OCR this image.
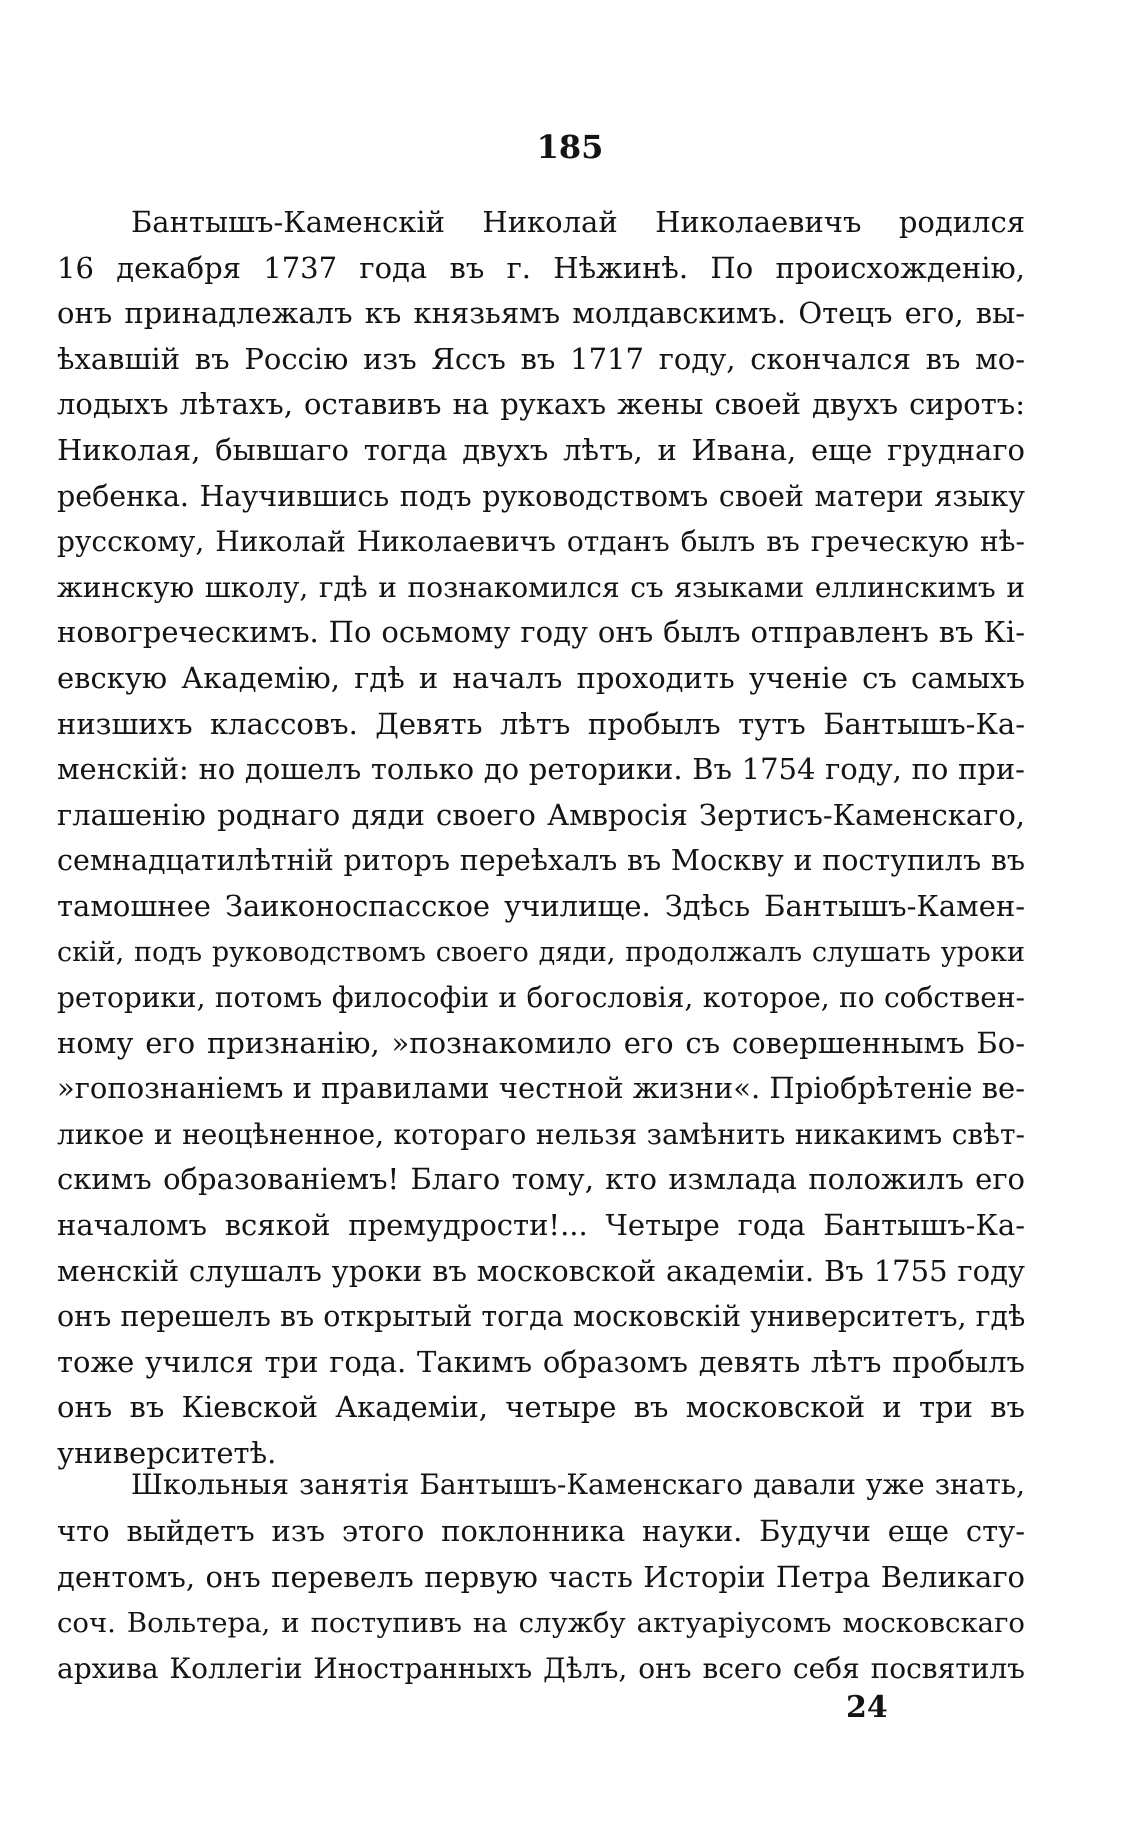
185
Бантышъ-Каменскій Николай Николаевичъ родился
16 декабря 1737 года въ г. Нѣжинѣ. По происхожденію,
онъ принадлежалъ къ князьямъ молдавскимъ. Отецъ его, вы-
ѣхавшій въ Россію изъ Яссъ въ 1717 году, скончался въ мо-
лодыхъ лѣтахъ, оставивъ на рукахъ жены своей двухъ сиротъ:
Николая, бывшаго тогда двухъ лѣтъ, и Ивана, еще груднаго
ребенка. Научившись подъ руководствомъ своей матери языку
русскому, Николай Николаевичъ отданъ былъ въ греческую нѣ-
жинскую школу, гдѣ и познакомился съ языками еллинскимъ и
новогреческимъ. По осьмому году онъ былъ отправленъ въ Кі-
евскую Академію, гдѣ и началъ проходить ученіе съ самыхъ
низшихъ классовъ. Девять лѣтъ пробылъ тутъ Бантышъ-Ка-
менскій: но дошелъ только до реторики. Въ 1754 году, по при-
глашенію роднаго дяди своего Амвросія Зертисъ-Каменскаго,
семнадцатилѣтній риторъ переѣхалъ въ Москву и поступилъ въ
тамошнее Заиконоспасское училище. Здѣсь Бантышъ-Камен-
скій, подъ руководствомъ своего дяди, продолжалъ слушать уроки
реторики, потомъ философіи и богословія, которое, по собствен-
ному его признанію, »познакомило его съ совершеннымъ Бо-
»гопознаніемъ и правилами честной жизни«. Пріобрѣтеніе ве-
ликое и неоцѣненное, котораго нельзя замѣнить никакимъ свѣт-
скимъ образованіемъ! Благо тому, кто измлада положилъ его
началомъ всякой премудрости!... Четыре года Бантышъ-Ка-
менскій слушалъ уроки въ московской академіи. Въ 1755 году
онъ перешелъ въ открытый тогда московскій университетъ, гдѣ
тоже учился три года. Такимъ образомъ девять лѣтъ пробылъ
онъ въ Кіевской Академіи, четыре въ московской и три въ
университетѣ.
Школьныя занятія Бантышъ-Каменскаго давали уже знать,
что выйдетъ изъ этого поклонника науки. Будучи еще сту-
дентомъ, онъ перевелъ первую часть Исторіи Петра Великаго
соч. Вольтера, и поступивъ на службу актуаріусомъ московскаго
архива Коллегіи Иностранныхъ Дѣлъ, онъ всего себя посвятилъ
24
